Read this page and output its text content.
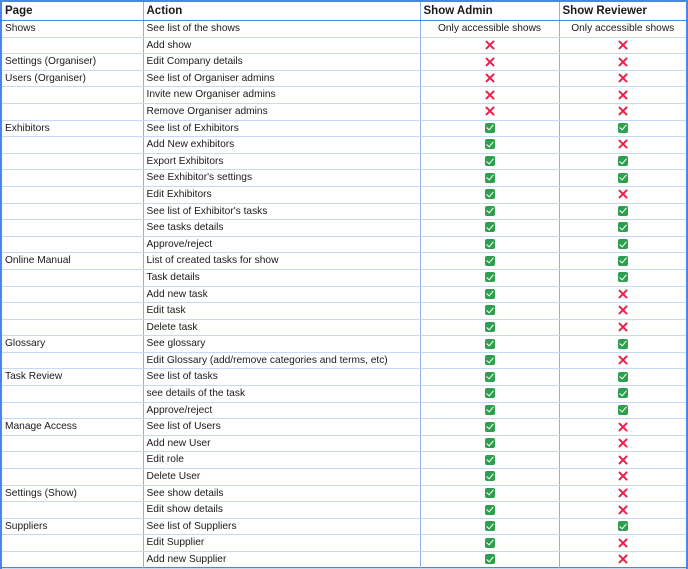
Page	Action	Show Admin	Show Reviewer
Shows	See list of the shows	Only accessible shows	Only accessible shows
	Add show		
Settings (Organiser)	Edit Company details		
Users (Organiser)	See list of Organiser admins		
	Invite new Organiser admins		
	Remove Organiser admins		
Exhibitors	See list of Exhibitors		
	Add New exhibitors		
	Export Exhibitors		
	See Exhibitor's settings		
	Edit Exhibitors		
	See list of Exhibitor's tasks		
	See tasks details		
	Approve/reject		
Online Manual	List of created tasks for show		
	Task details		
	Add new task		
	Edit task		
	Delete task		
Glossary	See glossary		
	Edit Glossary (add/remove categories and terms, etc)		
Task Review	See list of tasks		
	see details of the task		
	Approve/reject		
Manage Access	See list of Users		
	Add new User		
	Edit role		
	Delete User		
Settings (Show)	See show details		
	Edit show details		
Suppliers	See list of Suppliers		
	Edit Supplier		
	Add new Supplier		
